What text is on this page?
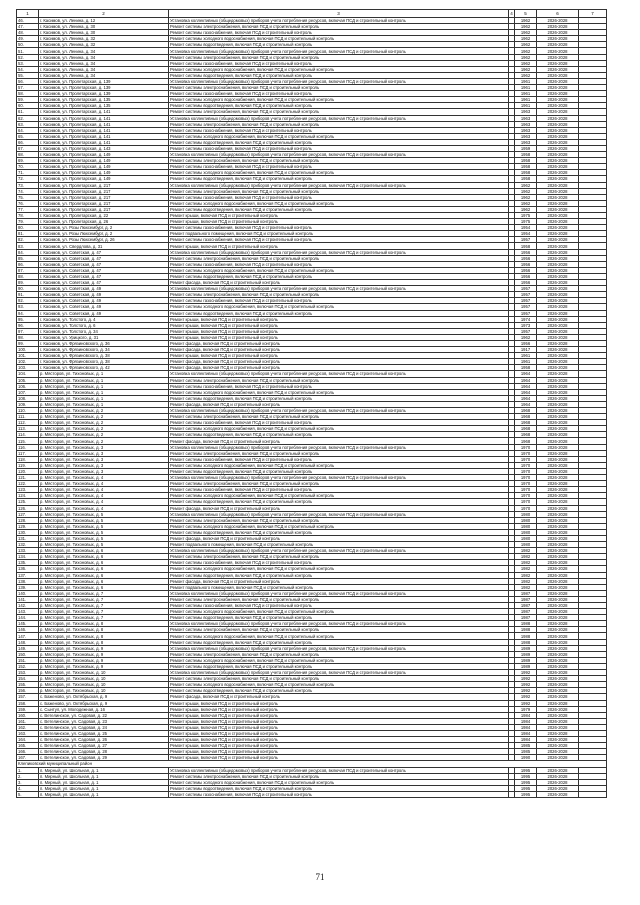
1	2	3	4	5	6	7
46.	г. Касимов, ул. Ленина, д. 12	Установка коллективных (общедомовых) приборов учета потребления ресурсов, включая ПСД и строительный контроль		1962	2026-2028	
47.	г. Касимов, ул. Ленина, д. 30	Ремонт системы электроснабжения, включая ПСД и строительный контроль		1962	2026-2028	
48.	г. Касимов, ул. Ленина, д. 30	Ремонт системы газоснабжения, включая ПСД и строительный контроль		1962	2026-2028	
49.	г. Касимов, ул. Ленина, д. 32	Ремонт системы холодного водоснабжения, включая ПСД и строительный контроль		1962	2026-2028	
50.	г. Касимов, ул. Ленина, д. 32	Ремонт системы водоотведения, включая ПСД и строительный контроль		1962	2026-2028	
51.	г. Касимов, ул. Ленина, д. 34	Установка коллективных (общедомовых) приборов учета потребления ресурсов, включая ПСД и строительный контроль		1962	2026-2028	
52.	г. Касимов, ул. Ленина, д. 34	Ремонт системы электроснабжения, включая ПСД и строительный контроль		1962	2026-2028	
53.	г. Касимов, ул. Ленина, д. 34	Ремонт системы газоснабжения, включая ПСД и строительный контроль		1962	2026-2028	
54.	г. Касимов, ул. Ленина, д. 34	Ремонт системы холодного водоснабжения, включая ПСД и строительный контроль		1962	2026-2028	
55.	г. Касимов, ул. Ленина, д. 34	Ремонт системы водоотведения, включая ПСД и строительный контроль		1962	2026-2028	
56.	г. Касимов, ул. Пролетарская, д. 139	Установка коллективных (общедомовых) приборов учета потребления ресурсов, включая ПСД и строительный контроль		1961	2026-2028	
57.	г. Касимов, ул. Пролетарская, д. 139	Ремонт системы электроснабжения, включая ПСД и строительный контроль		1961	2026-2028	
58.	г. Касимов, ул. Пролетарская, д. 139	Ремонт системы газоснабжения, включая ПСД и строительный контроль		1961	2026-2028	
59.	г. Касимов, ул. Пролетарская, д. 135	Ремонт системы холодного водоснабжения, включая ПСД и строительный контроль		1961	2026-2028	
60.	г. Касимов, ул. Пролетарская, д. 135	Ремонт системы водоотведения, включая ПСД и строительный контроль		1961	2026-2028	
61.	г. Касимов, ул. Пролетарская, д. 141	Ремонт системы электроснабжения, включая ПСД и строительный контроль		1963	2026-2028	
62.	г. Касимов, ул. Пролетарская, д. 141	Установка коллективных (общедомовых) приборов учета потребления ресурсов, включая ПСД и строительный контроль		1963	2026-2028	
63.	г. Касимов, ул. Пролетарская, д. 141	Ремонт системы электроснабжения, включая ПСД и строительный контроль		1963	2026-2028	
64.	г. Касимов, ул. Пролетарская, д. 141	Ремонт системы газоснабжения, включая ПСД и строительный контроль		1963	2026-2028	
65.	г. Касимов, ул. Пролетарская, д. 141	Ремонт системы холодного водоснабжения, включая ПСД и строительный контроль		1963	2026-2028	
66.	г. Касимов, ул. Пролетарская, д. 141	Ремонт системы водоотведения, включая ПСД и строительный контроль		1963	2026-2028	
67.	г. Касимов, ул. Пролетарская, д. 143	Ремонт системы газоснабжения, включая ПСД и строительный контроль		1959	2026-2028	
68.	г. Касимов, ул. Пролетарская, д. 149	Установка коллективных (общедомовых) приборов учета потребления ресурсов, включая ПСД и строительный контроль		1958	2026-2028	
69.	г. Касимов, ул. Пролетарская, д. 149	Ремонт системы электроснабжения, включая ПСД и строительный контроль		1958	2026-2028	
70.	г. Касимов, ул. Пролетарская, д. 149	Ремонт системы газоснабжения, включая ПСД и строительный контроль		1958	2026-2028	
71.	г. Касимов, ул. Пролетарская, д. 149	Ремонт системы холодного водоснабжения, включая ПСД и строительный контроль		1958	2026-2028	
72.	г. Касимов, ул. Пролетарская, д. 149	Ремонт системы водоотведения, включая ПСД и строительный контроль		1958	2026-2028	
73.	г. Касимов, ул. Пролетарская, д. 217	Установка коллективных (общедомовых) приборов учета потребления ресурсов, включая ПСД и строительный контроль		1962	2026-2028	
74.	г. Касимов, ул. Пролетарская, д. 217	Ремонт системы электроснабжения, включая ПСД и строительный контроль		1962	2026-2028	
75.	г. Касимов, ул. Пролетарская, д. 217	Ремонт системы газоснабжения, включая ПСД и строительный контроль		1962	2026-2028	
76.	г. Касимов, ул. Пролетарская, д. 217	Ремонт системы холодного водоснабжения, включая ПСД и строительный контроль		1962	2026-2028	
77.	г. Касимов, ул. Пролетарская, д. 217	Ремонт системы водоотведения, включая ПСД и строительный контроль		1962	2026-2028	
78.	г. Касимов, ул. Пролетарская, д. 22	Ремонт крыши, включая ПСД и строительный контроль		1975	2026-2028	
79.	г. Касимов, ул. Пролетарская, д. 26	Ремонт крыши, включая ПСД и строительный контроль		1975	2026-2028	
80.	г. Касимов, ул. Розы Люксембург, д. 2	Ремонт системы газоснабжения, включая ПСД и строительный контроль		1954	2026-2028	
81.	г. Касимов, ул. Розы Люксембург, д. 2	Ремонт подвального помещения, включая ПСД и строительный контроль		1954	2026-2028	
82.	г. Касимов, ул. Розы Люксембург, д. 26	Ремонт системы газоснабжения, включая ПСД и строительный контроль		1957	2026-2028	
83.	г. Касимов, ул. Свердлова, д. 31	Ремонт крыши, включая ПСД и строительный контроль		1958	2026-2028	
84.	г. Касимов, ул. Советская, д. 47	Установка коллективных (общедомовых) приборов учета потребления ресурсов, включая ПСД и строительный контроль		1956	2026-2028	
85.	г. Касимов, ул. Советская, д. 47	Ремонт системы электроснабжения, включая ПСД и строительный контроль		1956	2026-2028	
86.	г. Касимов, ул. Советская, д. 47	Ремонт системы газоснабжения, включая ПСД и строительный контроль		1956	2026-2028	
87.	г. Касимов, ул. Советская, д. 47	Ремонт системы холодного водоснабжения, включая ПСД и строительный контроль		1956	2026-2028	
88.	г. Касимов, ул. Советская, д. 47	Ремонт системы водоотведения, включая ПСД и строительный контроль		1956	2026-2028	
89.	г. Касимов, ул. Советская, д. 47	Ремонт фасада, включая ПСД и строительный контроль		1956	2026-2028	
90.	г. Касимов, ул. Советская, д. 49	Установка коллективных (общедомовых) приборов учета потребления ресурсов, включая ПСД и строительный контроль		1957	2026-2028	
91.	г. Касимов, ул. Советская, д. 49	Ремонт системы электроснабжения, включая ПСД и строительный контроль		1957	2026-2028	
92.	г. Касимов, ул. Советская, д. 49	Ремонт системы газоснабжения, включая ПСД и строительный контроль		1957	2026-2028	
93.	г. Касимов, ул. Советская, д. 49	Ремонт системы холодного водоснабжения, включая ПСД и строительный контроль		1957	2026-2028	
94.	г. Касимов, ул. Советская, д. 49	Ремонт системы водоотведения, включая ПСД и строительный контроль		1957	2026-2028	
95.	г. Касимов, ул. Толстого, д. 4	Ремонт крыши, включая ПСД и строительный контроль		1974	2026-2028	
96.	г. Касимов, ул. Толстого, д. 6	Ремонт крыши, включая ПСД и строительный контроль		1973	2026-2028	
97.	г. Касимов, ул. Толстого, д. 34	Ремонт крыши, включая ПСД и строительный контроль		1957	2026-2028	
98.	г. Касимов, ул. Урицкого, д. 31	Ремонт крыши, включая ПСД и строительный контроль		1962	2026-2028	
99.	г. Касимов, ул. Фрязиновского, д. 36	Ремонт фасада, включая ПСД и строительный контроль		1956	2026-2028	
100.	г. Касимов, ул. Фрязиновского, д. 34	Ремонт фасада, включая ПСД и строительный контроль		1917	2026-2028	
101.	г. Касимов, ул. Фрязиновского, д. 38	Ремонт крыши, включая ПСД и строительный контроль		1961	2026-2028	
102.	г. Касимов, ул. Фрязиновского, д. 38	Ремонт фасада, включая ПСД и строительный контроль		1961	2026-2028	
103.	г. Касимов, ул. Фрязиновского, д. 42	Ремонт фасада, включая ПСД и строительный контроль		1958	2026-2028	
104.	р. Мясторов, ул. Тихоновых, д. 1	Установка коллективных (общедомовых) приборов учета потребления ресурсов, включая ПСД и строительный контроль		1964	2026-2028	
105.	р. Мясторов, ул. Тихоновых, д. 1	Ремонт системы электроснабжения, включая ПСД и строительный контроль		1964	2026-2028	
106.	р. Мясторов, ул. Тихоновых, д. 1	Ремонт системы газоснабжения, включая ПСД и строительный контроль		1964	2026-2028	
107.	р. Мясторов, ул. Тихоновых, д. 1	Ремонт системы холодного водоснабжения, включая ПСД и строительный контроль		1964	2026-2028	
108.	р. Мясторов, ул. Тихоновых, д. 1	Ремонт системы водоотведения, включая ПСД и строительный контроль		1964	2026-2028	
109.	р. Мясторов, ул. Тихоновых, д. 1	Ремонт фасада, включая ПСД и строительный контроль		1964	2026-2028	
110.	р. Мясторов, ул. Тихоновых, д. 2	Установка коллективных (общедомовых) приборов учета потребления ресурсов, включая ПСД и строительный контроль		1968	2026-2028	
111.	р. Мясторов, ул. Тихоновых, д. 2	Ремонт системы электроснабжения, включая ПСД и строительный контроль		1968	2026-2028	
112.	р. Мясторов, ул. Тихоновых, д. 2	Ремонт системы газоснабжения, включая ПСД и строительный контроль		1968	2026-2028	
113.	р. Мясторов, ул. Тихоновых, д. 2	Ремонт системы холодного водоснабжения, включая ПСД и строительный контроль		1968	2026-2028	
114.	р. Мясторов, ул. Тихоновых, д. 2	Ремонт системы водоотведения, включая ПСД и строительный контроль		1968	2026-2028	
115.	р. Мясторов, ул. Тихоновых, д. 2	Ремонт фасада, включая ПСД и строительный контроль		1968	2026-2028	
116.	р. Мясторов, ул. Тихоновых, д. 3	Установка коллективных (общедомовых) приборов учета потребления ресурсов, включая ПСД и строительный контроль		1970	2026-2028	
117.	р. Мясторов, ул. Тихоновых, д. 3	Ремонт системы электроснабжения, включая ПСД и строительный контроль		1970	2026-2028	
118.	р. Мясторов, ул. Тихоновых, д. 3	Ремонт системы газоснабжения, включая ПСД и строительный контроль		1970	2026-2028	
119.	р. Мясторов, ул. Тихоновых, д. 3	Ремонт системы холодного водоснабжения, включая ПСД и строительный контроль		1970	2026-2028	
120.	р. Мясторов, ул. Тихоновых, д. 3	Ремонт системы водоотведения, включая ПСД и строительный контроль		1970	2026-2028	
121.	р. Мясторов, ул. Тихоновых, д. 4	Установка коллективных (общедомовых) приборов учета потребления ресурсов, включая ПСД и строительный контроль		1970	2026-2028	
122.	р. Мясторов, ул. Тихоновых, д. 4	Ремонт системы электроснабжения, включая ПСД и строительный контроль		1970	2026-2028	
123.	р. Мясторов, ул. Тихоновых, д. 4	Ремонт системы газоснабжения, включая ПСД и строительный контроль		1970	2026-2028	
124.	р. Мясторов, ул. Тихоновых, д. 4	Ремонт системы холодного водоснабжения, включая ПСД и строительный контроль		1970	2026-2028	
125.	р. Мясторов, ул. Тихоновых, д. 4	Ремонт системы водоотведения, включая ПСД и строительный контроль		1970	2026-2028	
126.	р. Мясторов, ул. Тихоновых, д. 4	Ремонт фасада, включая ПСД и строительный контроль		1970	2026-2028	
127.	р. Мясторов, ул. Тихоновых, д. 5	Установка коллективных (общедомовых) приборов учета потребления ресурсов, включая ПСД и строительный контроль		1980	2026-2028	
128.	р. Мясторов, ул. Тихоновых, д. 5	Ремонт системы электроснабжения, включая ПСД и строительный контроль		1980	2026-2028	
129.	р. Мясторов, ул. Тихоновых, д. 5	Ремонт системы холодного водоснабжения, включая ПСД и строительный контроль		1980	2026-2028	
130.	р. Мясторов, ул. Тихоновых, д. 5	Ремонт системы водоотведения, включая ПСД и строительный контроль		1980	2026-2028	
131.	р. Мясторов, ул. Тихоновых, д. 5	Ремонт фасада, включая ПСД и строительный контроль		1980	2026-2028	
132.	р. Мясторов, ул. Тихоновых, д. 5	Ремонт подвального помещения, включая ПСД и строительный контроль		1980	2026-2028	
133.	р. Мясторов, ул. Тихоновых, д. 6	Установка коллективных (общедомовых) приборов учета потребления ресурсов, включая ПСД и строительный контроль		1982	2026-2028	
134.	р. Мясторов, ул. Тихоновых, д. 6	Ремонт системы электроснабжения, включая ПСД и строительный контроль		1982	2026-2028	
135.	р. Мясторов, ул. Тихоновых, д. 6	Ремонт системы газоснабжения, включая ПСД и строительный контроль		1982	2026-2028	
136.	р. Мясторов, ул. Тихоновых, д. 6	Ремонт системы холодного водоснабжения, включая ПСД и строительный контроль		1982	2026-2028	
137.	р. Мясторов, ул. Тихоновых, д. 6	Ремонт системы водоотведения, включая ПСД и строительный контроль		1982	2026-2028	
138.	р. Мясторов, ул. Тихоновых, д. 6	Ремонт фасада, включая ПСД и строительный контроль		1982	2026-2028	
139.	р. Мясторов, ул. Тихоновых, д. 6	Ремонт подвального помещения, включая ПСД и строительный контроль		1982	2026-2028	
140.	р. Мясторов, ул. Тихоновых, д. 7	Установка коллективных (общедомовых) приборов учета потребления ресурсов, включая ПСД и строительный контроль		1987	2026-2028	
141.	р. Мясторов, ул. Тихоновых, д. 7	Ремонт системы электроснабжения, включая ПСД и строительный контроль		1987	2026-2028	
142.	р. Мясторов, ул. Тихоновых, д. 7	Ремонт системы газоснабжения, включая ПСД и строительный контроль		1987	2026-2028	
143.	р. Мясторов, ул. Тихоновых, д. 7	Ремонт системы холодного водоснабжения, включая ПСД и строительный контроль		1987	2026-2028	
144.	р. Мясторов, ул. Тихоновых, д. 7	Ремонт системы водоотведения, включая ПСД и строительный контроль		1987	2026-2028	
145.	р. Мясторов, ул. Тихоновых, д. 8	Установка коллективных (общедомовых) приборов учета потребления ресурсов, включая ПСД и строительный контроль		1988	2026-2028	
146.	р. Мясторов, ул. Тихоновых, д. 8	Ремонт системы электроснабжения, включая ПСД и строительный контроль		1988	2026-2028	
147.	р. Мясторов, ул. Тихоновых, д. 8	Ремонт системы холодного водоснабжения, включая ПСД и строительный контроль		1988	2026-2028	
148.	р. Мясторов, ул. Тихоновых, д. 8	Ремонт системы водоотведения, включая ПСД и строительный контроль		1988	2026-2028	
149.	р. Мясторов, ул. Тихоновых, д. 9	Установка коллективных (общедомовых) приборов учета потребления ресурсов, включая ПСД и строительный контроль		1989	2026-2028	
150.	р. Мясторов, ул. Тихоновых, д. 9	Ремонт системы электроснабжения, включая ПСД и строительный контроль		1989	2026-2028	
151.	р. Мясторов, ул. Тихоновых, д. 9	Ремонт системы холодного водоснабжения, включая ПСД и строительный контроль		1989	2026-2028	
152.	р. Мясторов, ул. Тихоновых, д. 9	Ремонт системы водоотведения, включая ПСД и строительный контроль		1989	2026-2028	
153.	р. Мясторов, ул. Тихоновых, д. 10	Установка коллективных (общедомовых) приборов учета потребления ресурсов, включая ПСД и строительный контроль		1992	2026-2028	
154.	р. Мясторов, ул. Тихоновых, д. 10	Ремонт системы электроснабжения, включая ПСД и строительный контроль		1992	2026-2028	
155.	р. Мясторов, ул. Тихоновых, д. 10	Ремонт системы холодного водоснабжения, включая ПСД и строительный контроль		1992	2026-2028	
156.	р. Мясторов, ул. Тихоновых, д. 10	Ремонт системы водоотведения, включая ПСД и строительный контроль		1992	2026-2028	
157.	с. Баженово, ул. Октябрьская, д. 9	Ремонт фасада, включая ПСД и строительный контроль		1992	2026-2028	
158.	с. Баженово, ул. Октябрьская, д. 9	Ремонт крыши, включая ПСД и строительный контроль		1992	2026-2028	
159.	с. Сынтул, ул. Молодежная, д. 16	Ремонт крыши, включая ПСД и строительный контроль		1979	2026-2028	
160.	с. Ветелинское, ул. Садовая, д. 22	Ремонт крыши, включая ПСД и строительный контроль		1984	2026-2028	
161.	с. Ветелинское, ул. Садовая, д. 23	Ремонт крыши, включая ПСД и строительный контроль		1984	2026-2028	
162.	с. Ветелинское, ул. Садовая, д. 24	Ремонт крыши, включая ПСД и строительный контроль		1984	2026-2028	
163.	с. Ветелинское, ул. Садовая, д. 25	Ремонт крыши, включая ПСД и строительный контроль		1984	2026-2028	
164.	с. Ветелинское, ул. Садовая, д. 26	Ремонт крыши, включая ПСД и строительный контроль		1984	2026-2028	
165.	с. Ветелинское, ул. Садовая, д. 27	Ремонт крыши, включая ПСД и строительный контроль		1985	2026-2028	
166.	с. Ветелинское, ул. Садовая, д. 28	Ремонт крыши, включая ПСД и строительный контроль		1985	2026-2028	
167.	с. Ветелинское, ул. Садовая, д. 29	Ремонт крыши, включая ПСД и строительный контроль		1990	2026-2028	
Клепиковский муниципальный район						
1.	п. Мирный, ул. Школьная, д. 1	Установка коллективных (общедомовых) приборов учета потребления ресурсов, включая ПСД и строительный контроль		1995	2026-2028	
2.	п. Мирный, ул. Школьная, д. 1	Ремонт системы электроснабжения, включая ПСД и строительный контроль		1995	2026-2028	
3.	п. Мирный, ул. Школьная, д. 1	Ремонт системы холодного водоснабжения, включая ПСД и строительный контроль		1995	2026-2028	
4.	п. Мирный, ул. Школьная, д. 1	Ремонт системы водоотведения, включая ПСД и строительный контроль		1995	2026-2028	
5.	п. Мирный, ул. Школьная, д. 1	Ремонт системы газоснабжения, включая ПСД и строительный контроль		1995	2026-2028	
71
